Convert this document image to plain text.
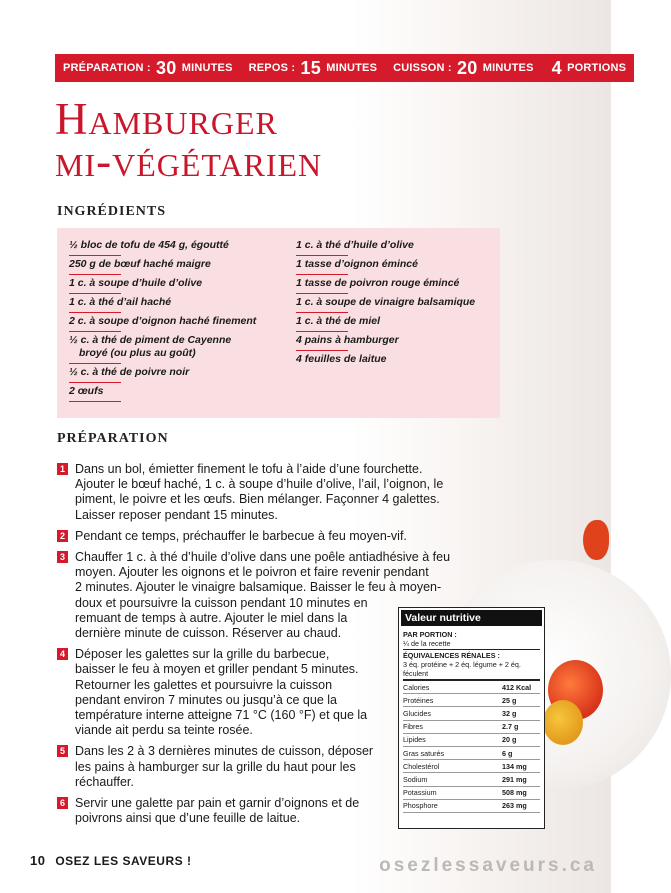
PRÉPARATION :
30
MINUTES REPOS :
15
MINUTES CUISSON :
20
MINUTES 4
PORTIONS
Hamburger
mi-végétarien
INGRÉDIENTS
½ bloc de tofu de 454 g, égoutté
250 g de bœuf haché maigre
1 c. à soupe d’huile d’olive
1 c. à thé d’ail haché
2 c. à soupe d’oignon haché finement
½ c. à thé de piment de Cayenne
broyé (ou plus au goût)
½ c. à thé de poivre noir
2 œufs
1 c. à thé d’huile d’olive
1 tasse d’oignon émincé
1 tasse de poivron rouge émincé
1 c. à soupe de vinaigre balsamique
1 c. à thé de miel
4 pains à hamburger
4 feuilles de laitue
PRÉPARATION
1 Dans un bol, émietter finement le tofu à l’aide d’une fourchette.
Ajouter le bœuf haché, 1 c. à soupe d’huile d’olive, l’ail, l’oignon, le
piment, le poivre et les œufs. Bien mélanger. Façonner 4 galettes.
Laisser reposer pendant 15 minutes.

2 Pendant ce temps, préchauffer le barbecue à feu moyen-vif.

3 Chauffer 1 c. à thé d’huile d’olive dans une poêle antiadhésive à feu
moyen. Ajouter les oignons et le poivron et faire revenir pendant
2 minutes. Ajouter le vinaigre balsamique. Baisser le feu à moyen-
doux et poursuivre la cuisson pendant 10 minutes en
remuant de temps à autre. Ajouter le miel dans la
dernière minute de cuisson. Réserver au chaud.

4 Déposer les galettes sur la grille du barbecue,
baisser le feu à moyen et griller pendant 5 minutes.
Retourner les galettes et poursuivre la cuisson
pendant environ 7 minutes ou jusqu’à ce que la
température interne atteigne 71 °C (160 °F) et que la
viande ait perdu sa teinte rosée.

5 Dans les 2 à 3 dernières minutes de cuisson, déposer
les pains à hamburger sur la grille du haut pour les
réchauffer.

6 Servir une galette par pain et garnir d’oignons et de
poivrons ainsi que d’une feuille de laitue.

Valeur nutritive
PAR PORTION :
¼ de la recette
ÉQUIVALENCES RÉNALES :
3 éq. protéine + 2 éq. légume + 2 éq. féculent
Calories	412 Kcal
Protéines	25 g
Glucides	32 g
Fibres	2.7 g
Lipides	20 g
Gras saturés	6 g
Cholestérol	134 mg
Sodium	291 mg
Potassium	508 mg
Phosphore	263 mg
10 OSEZ LES SAVEURS !	osezlessaveurs.ca
